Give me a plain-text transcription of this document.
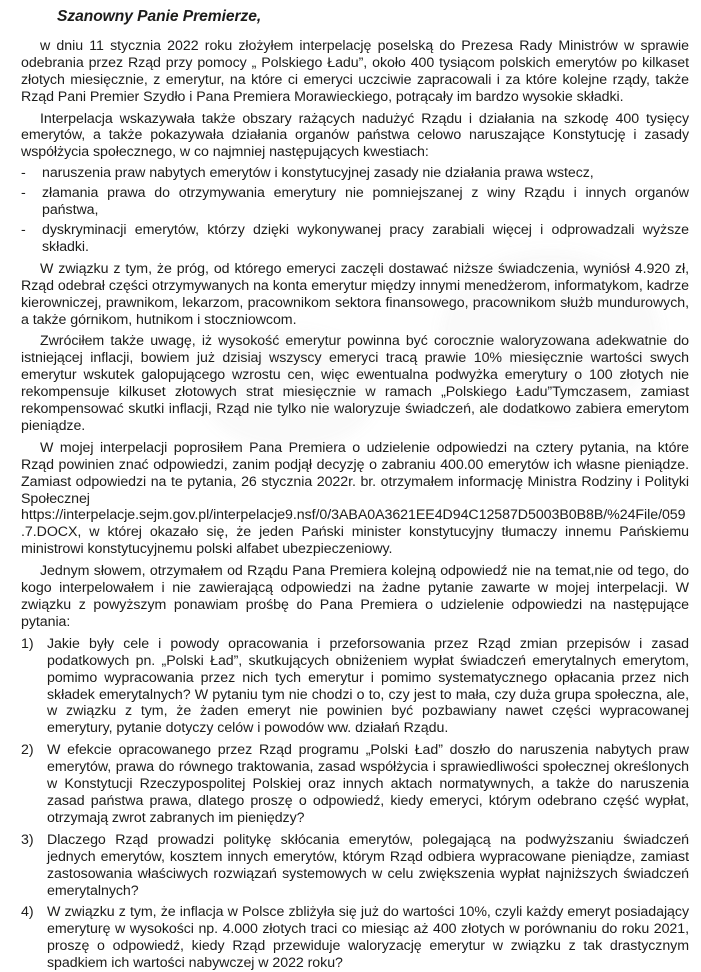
Szanowny Panie Premierze,

w dniu 11 stycznia 2022 roku złożyłem interpelację poselską do Prezesa Rady Ministrów w sprawie odebrania przez Rząd przy pomocy „ Polskiego Ładu”, około 400 tysiącom polskich emerytów po kilkaset złotych miesięcznie, z emerytur, na które ci emeryci uczciwie zapracowali i za które kolejne rządy, także Rząd Pani Premier Szydło i Pana Premiera Morawieckiego, potrącały im bardzo wysokie składki.

Interpelacja wskazywała także obszary rażących nadużyć Rządu i działania na szkodę 400 tysięcy emerytów, a także pokazywała działania organów państwa celowo naruszające Konstytucję i zasady współżycia społecznego, w co najmniej następujących kwestiach:

-	naruszenia praw nabytych emerytów i konstytucyjnej zasady nie działania prawa wstecz,
-	złamania prawa do otrzymywania emerytury nie pomniejszanej z winy Rządu i innych organów państwa,
-	dyskryminacji emerytów, którzy dzięki wykonywanej pracy zarabiali więcej i odprowadzali wyższe składki.

W związku z tym, że próg, od którego emeryci zaczęli dostawać niższe świadczenia, wyniósł 4.920 zł, Rząd odebrał części otrzymywanych na konta emerytur między innymi menedżerom, informatykom, kadrze kierowniczej, prawnikom, lekarzom, pracownikom sektora finansowego, pracownikom służb mundurowych, a także górnikom, hutnikom i stoczniowcom.

Zwróciłem także uwagę, iż wysokość emerytur powinna być corocznie waloryzowana adekwatnie do istniejącej inflacji, bowiem już dzisiaj wszyscy emeryci tracą prawie 10% miesięcznie wartości swych emerytur wskutek galopującego wzrostu cen, więc ewentualna podwyżka emerytury o 100 złotych nie rekompensuje kilkuset złotowych strat miesięcznie w ramach „Polskiego Ładu”Tymczasem, zamiast rekompensować skutki inflacji, Rząd nie tylko nie waloryzuje świadczeń, ale dodatkowo zabiera emerytom pieniądze.

W mojej interpelacji poprosiłem Pana Premiera o udzielenie odpowiedzi na cztery pytania, na które Rząd powinien znać odpowiedzi, zanim podjął decyzję o zabraniu 400.00 emerytów ich własne pieniądze. Zamiast odpowiedzi na te pytania, 26 stycznia 2022r. br. otrzymałem informację Ministra Rodziny i Polityki Społecznej https://interpelacje.sejm.gov.pl/interpelacje9.nsf/0/3ABA0A3621EE4D94C12587D5003B0B8B/%24File/059.7.DOCX, w której okazało się, że jeden Pański minister konstytucyjny tłumaczy innemu Pańskiemu ministrowi konstytucyjnemu polski alfabet ubezpieczeniowy.

Jednym słowem, otrzymałem od Rządu Pana Premiera kolejną odpowiedź nie na temat,nie od tego, do kogo interpelowałem i nie zawierającą odpowiedzi na żadne pytanie zawarte w mojej interpelacji. W związku z powyższym ponawiam prośbę do Pana Premiera o udzielenie odpowiedzi na następujące pytania:

1) Jakie były cele i powody opracowania i przeforsowania przez Rząd zmian przepisów i zasad podatkowych pn. „Polski Ład”, skutkujących obniżeniem wypłat świadczeń emerytalnych emerytom, pomimo wypracowania przez nich tych emerytur i pomimo systematycznego opłacania przez nich składek emerytalnych? W pytaniu tym nie chodzi o to, czy jest to mała, czy duża grupa społeczna, ale, w związku z tym, że żaden emeryt nie powinien być pozbawiany nawet części wypracowanej emerytury, pytanie dotyczy celów i powodów ww. działań Rządu.
2) W efekcie opracowanego przez Rząd programu „Polski Ład” doszło do naruszenia nabytych praw emerytów, prawa do równego traktowania, zasad współżycia i sprawiedliwości społecznej określonych w Konstytucji Rzeczypospolitej Polskiej oraz innych aktach normatywnych, a także do naruszenia zasad państwa prawa, dlatego proszę o odpowiedź, kiedy emeryci, którym odebrano część wypłat, otrzymają zwrot zabranych im pieniędzy?
3) Dlaczego Rząd prowadzi politykę skłócania emerytów, polegającą na podwyższaniu świadczeń jednych emerytów, kosztem innych emerytów, którym Rząd odbiera wypracowane pieniądze, zamiast zastosowania właściwych rozwiązań systemowych w celu zwiększenia wypłat najniższych świadczeń emerytalnych?
4) W związku z tym, że inflacja w Polsce zbliżyła się już do wartości 10%, czyli każdy emeryt posiadający emeryturę w wysokości np. 4.000 złotych traci co miesiąc aż 400 złotych w porównaniu do roku 2021, proszę o odpowiedź, kiedy Rząd przewiduje waloryzację emerytur w związku z tak drastycznym spadkiem ich wartości nabywczej w 2022 roku?
